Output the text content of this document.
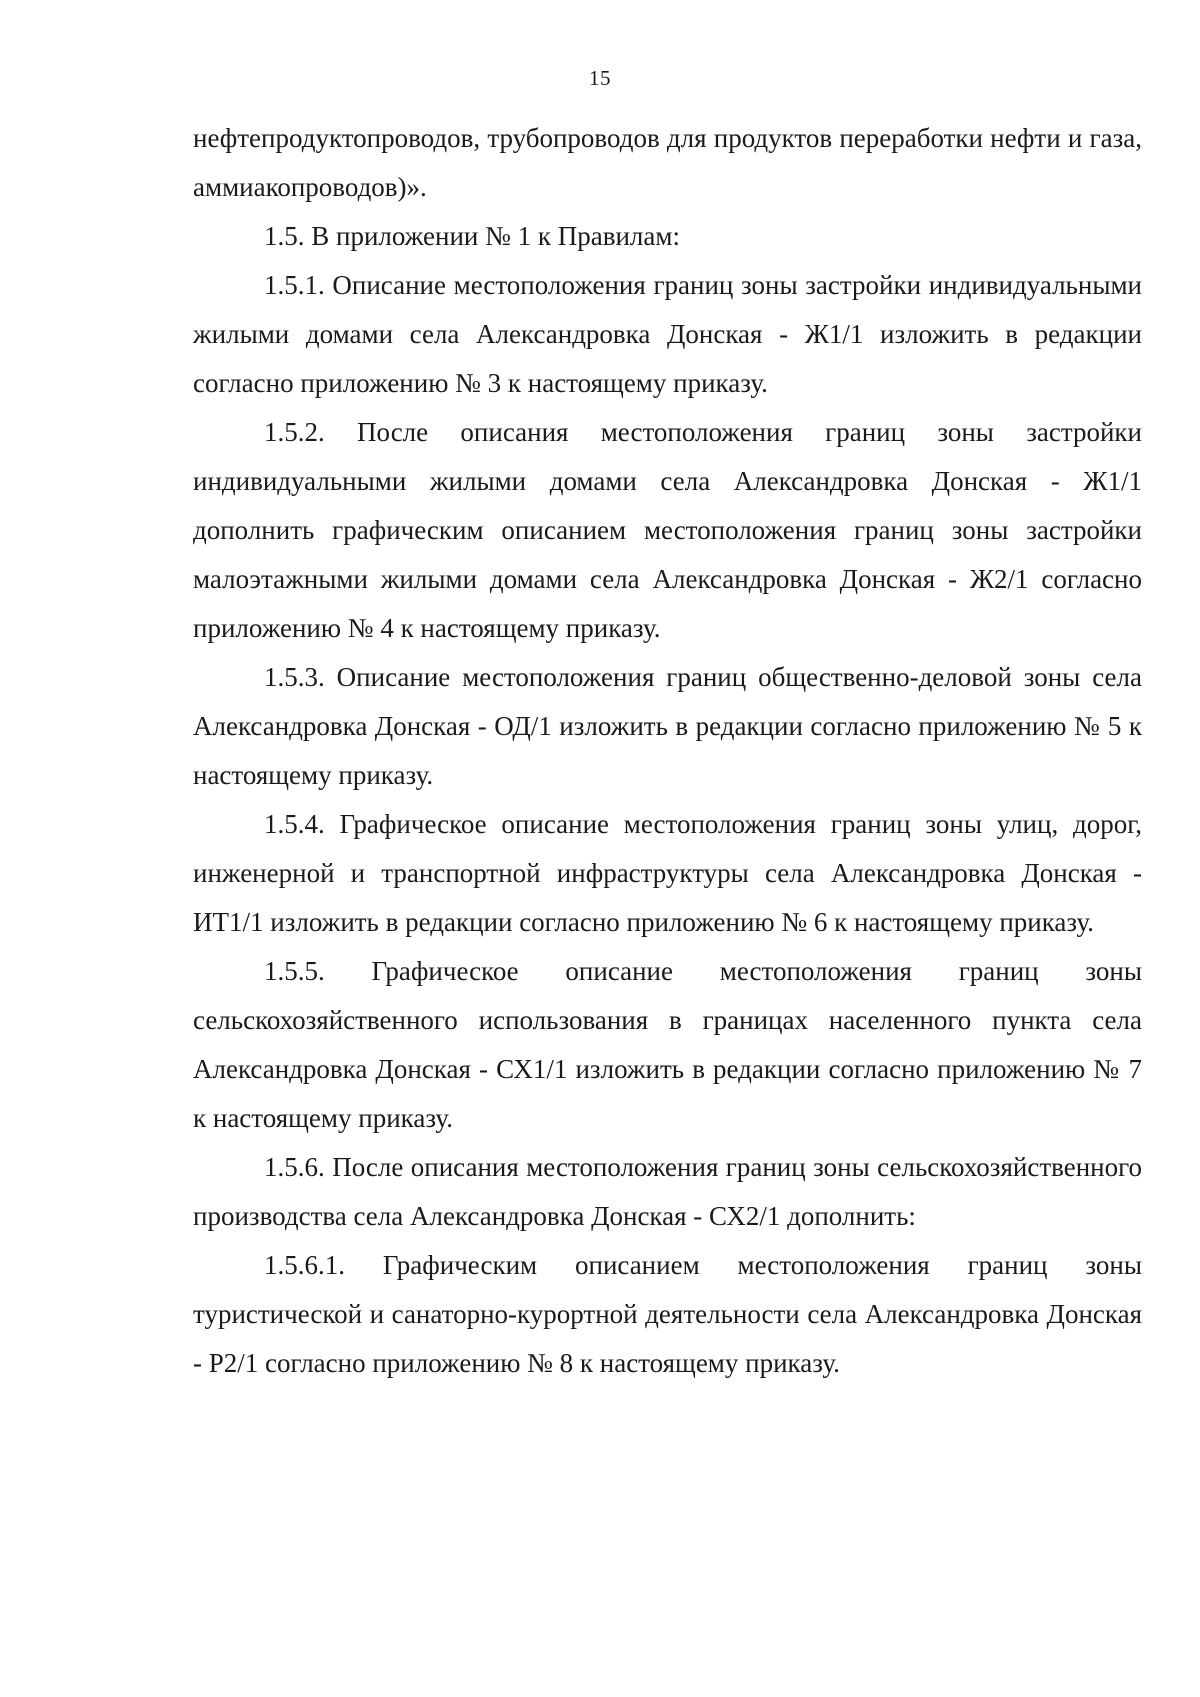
15

нефтепродуктопроводов, трубопроводов для продуктов переработки нефти и газа, аммиакопроводов)».

1.5. В приложении № 1 к Правилам:

1.5.1. Описание местоположения границ зоны застройки индивидуальными жилыми домами села Александровка Донская - Ж1/1 изложить в редакции согласно приложению № 3 к настоящему приказу.

1.5.2. После описания местоположения границ зоны застройки индивидуальными жилыми домами села Александровка Донская - Ж1/1 дополнить графическим описанием местоположения границ зоны застройки малоэтажными жилыми домами села Александровка Донская - Ж2/1 согласно приложению № 4 к настоящему приказу.

1.5.3. Описание местоположения границ общественно-деловой зоны села Александровка Донская - ОД/1 изложить в редакции согласно приложению № 5 к настоящему приказу.

1.5.4. Графическое описание местоположения границ зоны улиц, дорог, инженерной и транспортной инфраструктуры села Александровка Донская - ИТ1/1 изложить в редакции согласно приложению № 6 к настоящему приказу.

1.5.5. Графическое описание местоположения границ зоны сельскохозяйственного использования в границах населенного пункта села Александровка Донская - СХ1/1 изложить в редакции согласно приложению № 7 к настоящему приказу.

1.5.6. После описания местоположения границ зоны сельскохозяйственного производства села Александровка Донская - СХ2/1 дополнить:

1.5.6.1. Графическим описанием местоположения границ зоны туристической и санаторно-курортной деятельности села Александровка Донская - Р2/1 согласно приложению № 8 к настоящему приказу.
